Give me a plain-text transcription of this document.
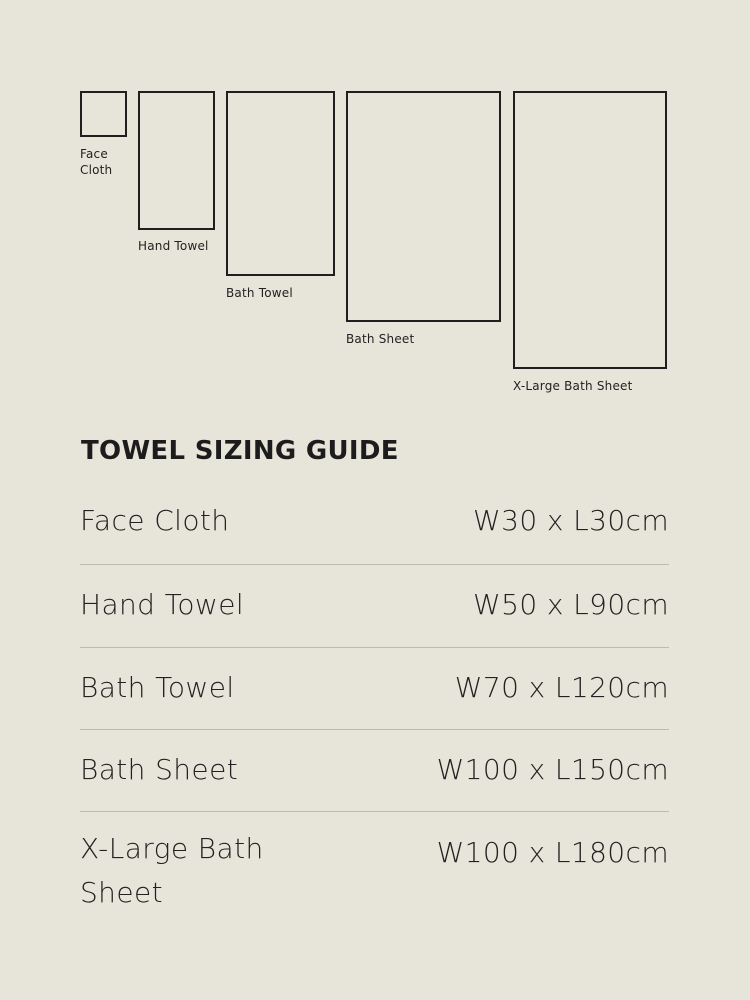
Face Cloth
Hand Towel
Bath Towel
Bath Sheet
X-Large Bath Sheet
TOWEL SIZING GUIDE
Face Cloth	W30 x L30cm
Hand Towel	W50 x L90cm
Bath Towel	W70 x L120cm
Bath Sheet	W100 x L150cm
X-Large Bath Sheet
W100 x L180cm
